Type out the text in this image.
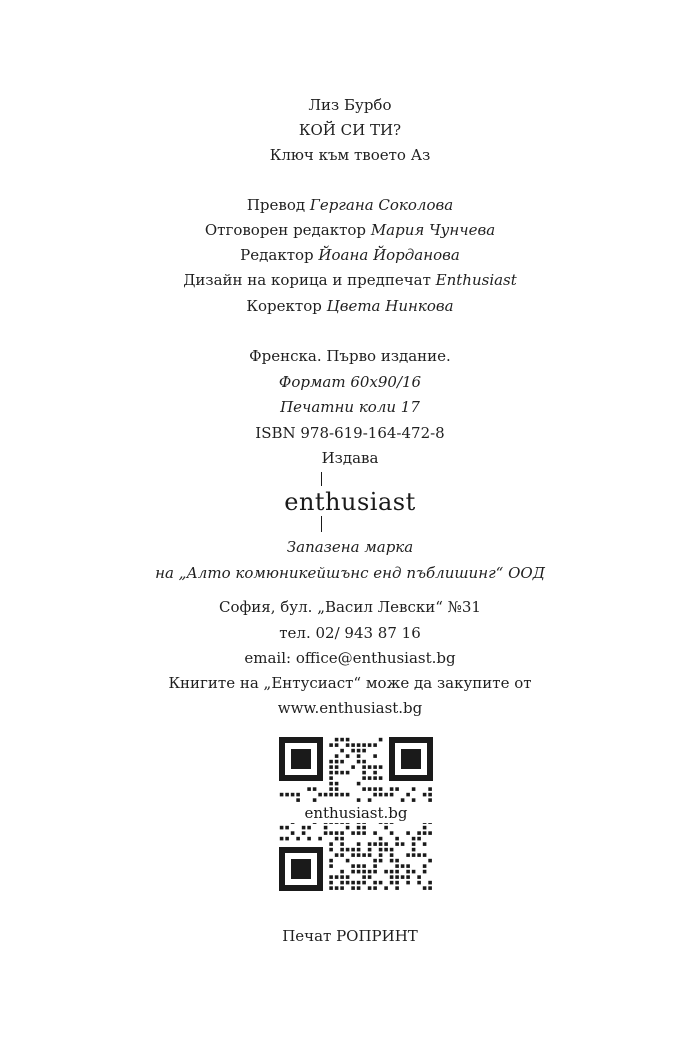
Лиз Бурбо
КОЙ СИ ТИ?
Ключ към твоето Аз
Превод Гергана Соколова
Отговорен редактор Мария Чунчева
Редактор Йоана Йорданова
Дизайн на корица и предпечат Enthusiast
Коректор Цвета Нинкова
Френска. Първо издание.
Формат 60x90/16
Печатни коли 17
ISBN 978-619-164-472-8
Издава
enthusiast
Запазена марка
на „Алто комюникейшънс енд пъблишинг“ ООД
София, бул. „Васил Левски“ №31
тел. 02/ 943 87 16
email: office@enthusiast.bg
Книгите на „Ентусиаст“ може да закупите от
www.enthusiast.bg
enthusiast.bg
Печат РОПРИНТ
